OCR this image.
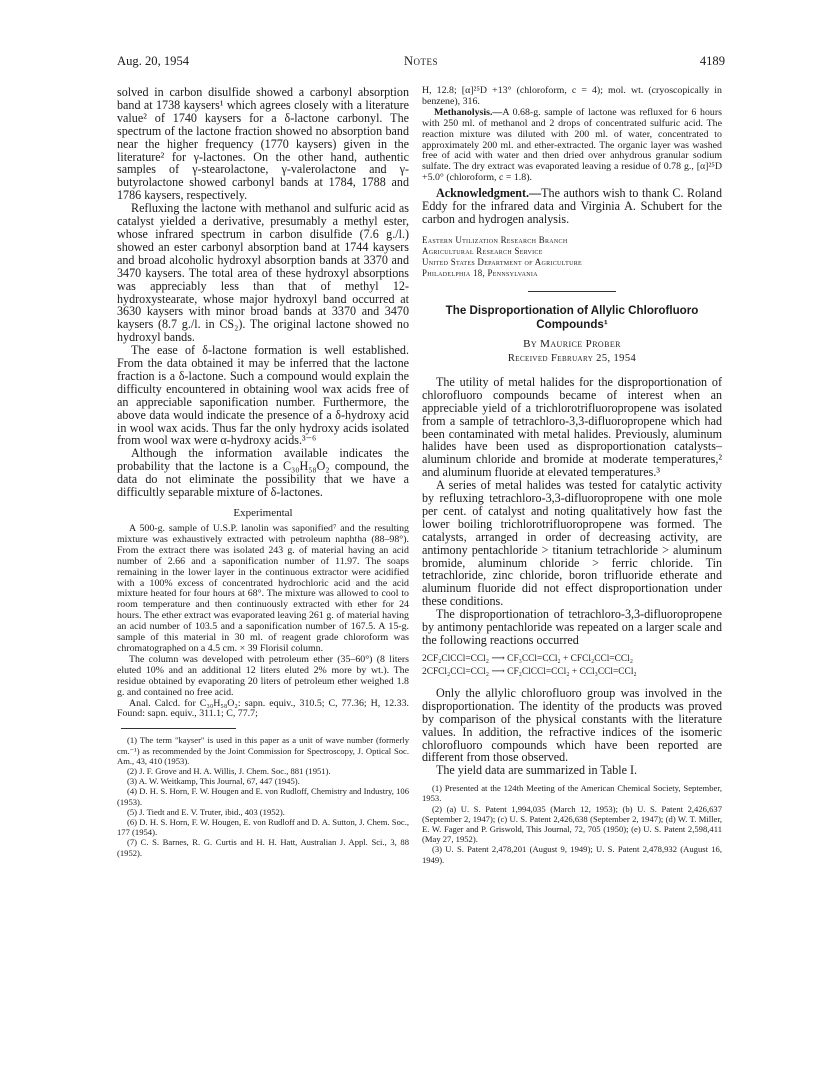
Aug. 20, 1954	Notes	4189

solved in carbon disulfide showed a carbonyl absorption band at 1738 kaysers¹ which agrees closely with a literature value² of 1740 kaysers for a δ-lactone carbonyl. The spectrum of the lactone fraction showed no absorption band near the higher frequency (1770 kaysers) given in the literature² for γ-lactones. On the other hand, authentic samples of γ-stearolactone, γ-valerolactone and γ-butyrolactone showed carbonyl bands at 1784, 1788 and 1786 kaysers, respectively.

Refluxing the lactone with methanol and sulfuric acid as catalyst yielded a derivative, presumably a methyl ester, whose infrared spectrum in carbon disulfide (7.6 g./l.) showed an ester carbonyl absorption band at 1744 kaysers and broad alcoholic hydroxyl absorption bands at 3370 and 3470 kaysers. The total area of these hydroxyl absorptions was appreciably less than that of methyl 12-hydroxystearate, whose major hydroxyl band occurred at 3630 kaysers with minor broad bands at 3370 and 3470 kaysers (8.7 g./l. in CS₂). The original lactone showed no hydroxyl bands.

The ease of δ-lactone formation is well established. From the data obtained it may be inferred that the lactone fraction is a δ-lactone. Such a compound would explain the difficulty encountered in obtaining wool wax acids free of an appreciable saponification number. Furthermore, the above data would indicate the presence of a δ-hydroxy acid in wool wax acids. Thus far the only hydroxy acids isolated from wool wax were α-hydroxy acids.³⁻⁶

Although the information available indicates the probability that the lactone is a C₃₀H₅₈O₂ compound, the data do not eliminate the possibility that we have a difficultly separable mixture of δ-lactones.

Experimental

A 500-g. sample of U.S.P. lanolin was saponified⁷ and the resulting mixture was exhaustively extracted with petroleum naphtha (88–98°). From the extract there was isolated 243 g. of material having an acid number of 2.66 and a saponification number of 11.97. The soaps remaining in the lower layer in the continuous extractor were acidified with a 100% excess of concentrated hydrochloric acid and the acid mixture heated for four hours at 68°. The mixture was allowed to cool to room temperature and then continuously extracted with ether for 24 hours. The ether extract was evaporated leaving 261 g. of material having an acid number of 103.5 and a saponification number of 167.5. A 15-g. sample of this material in 30 ml. of reagent grade chloroform was chromatographed on a 4.5 cm. × 39 Florisil column.

The column was developed with petroleum ether (35–60°) (8 liters eluted 10% and an additional 12 liters eluted 2% more by wt.). The residue obtained by evaporating 20 liters of petroleum ether weighed 1.8 g. and contained no free acid.

Anal. Calcd. for C₃₀H₅₈O₂: sapn. equiv., 310.5; C, 77.36; H, 12.33. Found: sapn. equiv., 311.1; C, 77.7;

(1) The term "kayser" is used in this paper as a unit of wave number (formerly cm.⁻¹) as recommended by the Joint Commission for Spectroscopy, J. Optical Soc. Am., 43, 410 (1953).

(2) J. F. Grove and H. A. Willis, J. Chem. Soc., 881 (1951).

(3) A. W. Weitkamp, This Journal, 67, 447 (1945).

(4) D. H. S. Horn, F. W. Hougen and E. von Rudloff, Chemistry and Industry, 106 (1953).

(5) J. Tiedt and E. V. Truter, ibid., 403 (1952).

(6) D. H. S. Horn, F. W. Hougen, E. von Rudloff and D. A. Sutton, J. Chem. Soc., 177 (1954).

(7) C. S. Barnes, R. G. Curtis and H. H. Hatt, Australian J. Appl. Sci., 3, 88 (1952).

H, 12.8; [α]²⁵D +13° (chloroform, c = 4); mol. wt. (cryoscopically in benzene), 316.

Methanolysis.—A 0.68-g. sample of lactone was refluxed for 6 hours with 250 ml. of methanol and 2 drops of concentrated sulfuric acid. The reaction mixture was diluted with 200 ml. of water, concentrated to approximately 200 ml. and ether-extracted. The organic layer was washed free of acid with water and then dried over anhydrous granular sodium sulfate. The dry extract was evaporated leaving a residue of 0.78 g., [α]²⁵D +5.0° (chloroform, c = 1.8).

Acknowledgment.—The authors wish to thank C. Roland Eddy for the infrared data and Virginia A. Schubert for the carbon and hydrogen analysis.

Eastern Utilization Research Branch
Agricultural Research Service
United States Department of Agriculture
Philadelphia 18, Pennsylvania
The Disproportionation of Allylic Chlorofluoro Compounds¹
By Maurice Prober
Received February 25, 1954

The utility of metal halides for the disproportionation of chlorofluoro compounds became of interest when an appreciable yield of a trichlorotrifluoropropene was isolated from a sample of tetrachloro-3,3-difluoropropene which had been contaminated with metal halides. Previously, aluminum halides have been used as disproportionation catalysts–aluminum chloride and bromide at moderate temperatures,² and aluminum fluoride at elevated temperatures.³

A series of metal halides was tested for catalytic activity by refluxing tetrachloro-3,3-difluoropropene with one mole per cent. of catalyst and noting qualitatively how fast the lower boiling trichlorotrifluoropropene was formed. The catalysts, arranged in order of decreasing activity, are antimony pentachloride > titanium tetrachloride > aluminum bromide, aluminum chloride > ferric chloride. Tin tetrachloride, zinc chloride, boron trifluoride etherate and aluminum fluoride did not effect disproportionation under these conditions.

The disproportionation of tetrachloro-3,3-difluoropropene by antimony pentachloride was repeated on a larger scale and the following reactions occurred

2CF₂ClCCl=CCl₂ ⟶ CF₃CCl=CCl₂ + CFCl₂CCl=CCl₂
2CFCl₂CCl=CCl₂ ⟶ CF₂ClCCl=CCl₂ + CCl₃CCl=CCl₂

Only the allylic chlorofluoro group was involved in the disproportionation. The identity of the products was proved by comparison of the physical constants with the literature values. In addition, the refractive indices of the isomeric chlorofluoro compounds which have been reported are different from those observed.

The yield data are summarized in Table I.

(1) Presented at the 124th Meeting of the American Chemical Society, September, 1953.

(2) (a) U. S. Patent 1,994,035 (March 12, 1953); (b) U. S. Patent 2,426,637 (September 2, 1947); (c) U. S. Patent 2,426,638 (September 2, 1947); (d) W. T. Miller, E. W. Fager and P. Griswold, This Journal, 72, 705 (1950); (e) U. S. Patent 2,598,411 (May 27, 1952).

(3) U. S. Patent 2,478,201 (August 9, 1949); U. S. Patent 2,478,932 (August 16, 1949).
